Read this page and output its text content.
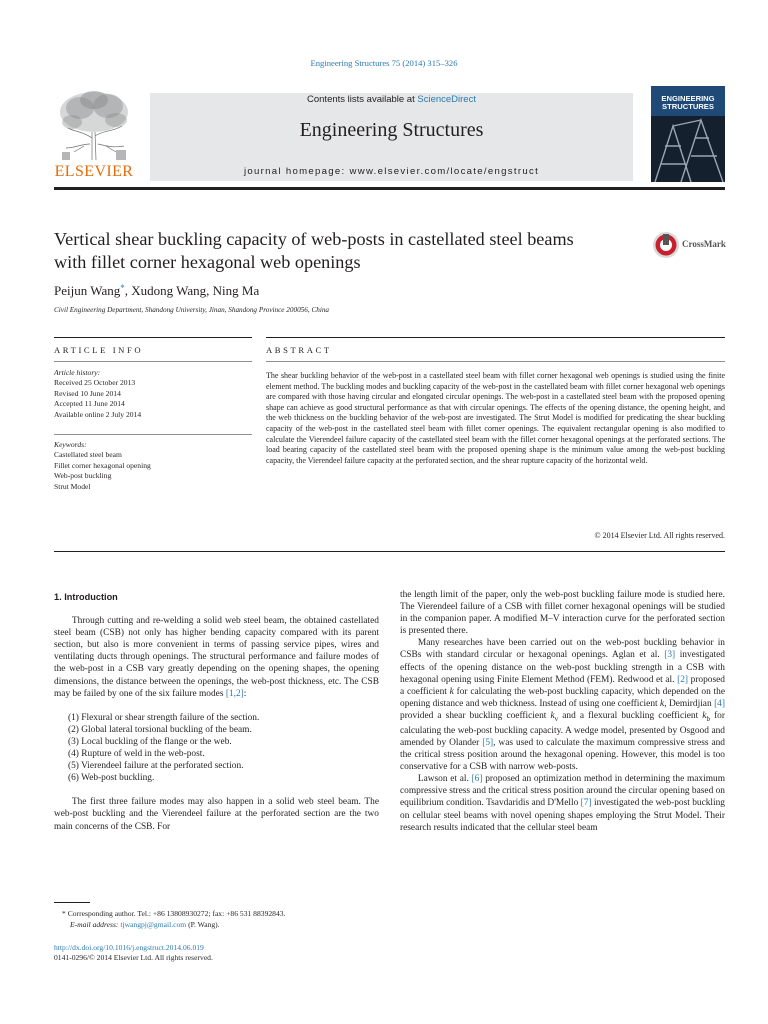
Engineering Structures 75 (2014) 315–326
ELSEVIER
Contents lists available at ScienceDirect
Engineering Structures
journal homepage: www.elsevier.com/locate/engstruct
ENGINEERING
STRUCTURES
Vertical shear buckling capacity of web-posts in castellated steel beams
with fillet corner hexagonal web openings
CrossMark
Peijun Wang*, Xudong Wang, Ning Ma
Civil Engineering Department, Shandong University, Jinan, Shandong Province 200056, China
ARTICLE INFO	ABSTRACT
Article history:
Received 25 October 2013
Revised 10 June 2014
Accepted 11 June 2014
Available online 2 July 2014
Keywords:
Castellated steel beam
Fillet corner hexagonal opening
Web-post buckling
Strut Model
The shear buckling behavior of the web-post in a castellated steel beam with fillet corner hexagonal web openings is studied using the finite element method. The buckling modes and buckling capacity of the web-post in the castellated beam with fillet corner hexagonal web openings are compared with those having circular and elongated circular openings. The web-post in a castellated steel beam with the proposed opening shape can achieve as good structural performance as that with circular openings. The effects of the opening distance, the opening height, and the web thickness on the buckling behavior of the web-post are investigated. The Strut Model is modified for predicating the shear buckling capacity of the web-post in the castellated steel beam with fillet corner openings. The equivalent rectangular opening is also modified to calculate the Vierendeel failure capacity of the castellated steel beam with the fillet corner hexagonal openings at the perforated sections. The load bearing capacity of the castellated steel beam with the proposed opening shape is the minimum value among the web-post buckling capacity, the Vierendeel failure capacity at the perforated section, and the shear rupture capacity of the horizontal weld.
© 2014 Elsevier Ltd. All rights reserved.
1. Introduction

Through cutting and re-welding a solid web steel beam, the obtained castellated steel beam (CSB) not only has higher bending capacity compared with its parent section, but also is more convenient in terms of passing service pipes, wires and ventilating ducts through openings. The structural performance and failure modes of the web-post in a CSB vary greatly depending on the opening shapes, the opening dimensions, the distance between the openings, the web-post thickness, etc. The CSB may be failed by one of the six failure modes [1,2]:

(1) Flexural or shear strength failure of the section.
(2) Global lateral torsional buckling of the beam.
(3) Local buckling of the flange or the web.
(4) Rupture of weld in the web-post.
(5) Vierendeel failure at the perforated section.
(6) Web-post buckling.

The first three failure modes may also happen in a solid web steel beam. The web-post buckling and the Vierendeel failure at the perforated section are the two main concerns of the CSB. For

the length limit of the paper, only the web-post buckling failure mode is studied here. The Vierendeel failure of a CSB with fillet corner hexagonal openings will be studied in the companion paper. A modified M–V interaction curve for the perforated section is presented there.

Many researches have been carried out on the web-post buckling behavior in CSBs with standard circular or hexagonal openings. Aglan et al. [3] investigated effects of the opening distance on the web-post buckling strength in a CSB with hexagonal opening using Finite Element Method (FEM). Redwood et al. [2] proposed a coefficient k for calculating the web-post buckling capacity, which depended on the opening distance and web thickness. Instead of using one coefficient k, Demirdjian [4] provided a shear buckling coefficient $k_v$ and a flexural buckling coefficient $k_b$ for calculating the web-post buckling capacity. A wedge model, presented by Osgood and amended by Olander [5], was used to calculate the maximum compressive stress and the critical stress position around the hexagonal opening. However, this model is too conservative for a CSB with narrow web-posts.

Lawson et al. [6] proposed an optimization method in determining the maximum compressive stress and the critical stress position around the circular opening based on equilibrium condition. Tsavdaridis and D'Mello [7] investigated the web-post buckling on cellular steel beams with novel opening shapes employing the Strut Model. Their research results indicated that the cellular steel beam

* Corresponding author. Tel.: +86 13808930272; fax: +86 531 88392843.
E-mail address: tjwangpj@gmail.com (P. Wang).
http://dx.doi.org/10.1016/j.engstruct.2014.06.019
0141-0296/© 2014 Elsevier Ltd. All rights reserved.
